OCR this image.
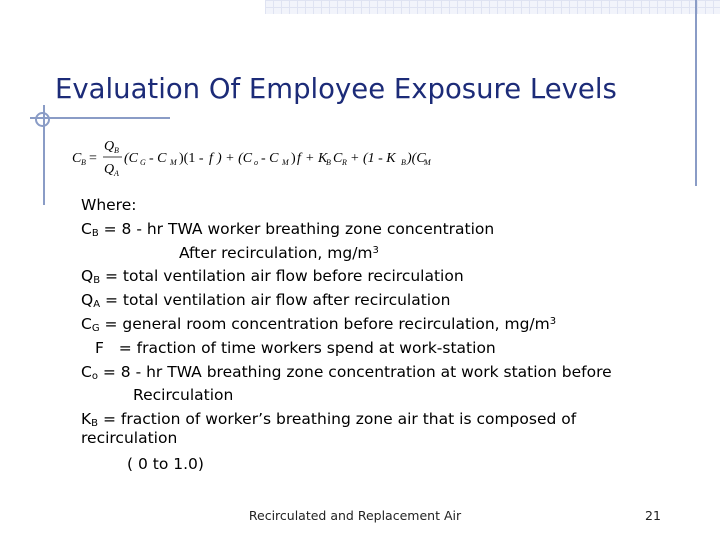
Evaluation Of Employee Exposure Levels
C B =
Q B
Q A
(C G - C M )(1 - f ) + (C o - C M ) f + K
B C R + (1 - K B )(C
M
)
Where:
$C_B = 8$ - hr TWA worker breathing zone concentration
After recirculation, $mg/m^3$
$Q_B$ = total ventilation air flow before recirculation
$Q_A$ = total ventilation air flow after recirculation
$C_G$ = general room concentration before recirculation, $mg/m^3$
F   = fraction of time workers spend at work-station
$C_o = 8$ - hr TWA breathing zone concentration at work station before
Recirculation
$K_B$ = fraction of worker’s breathing zone air that is composed of
recirculation
( 0 to 1.0)
Recirculated and Replacement Air	21
